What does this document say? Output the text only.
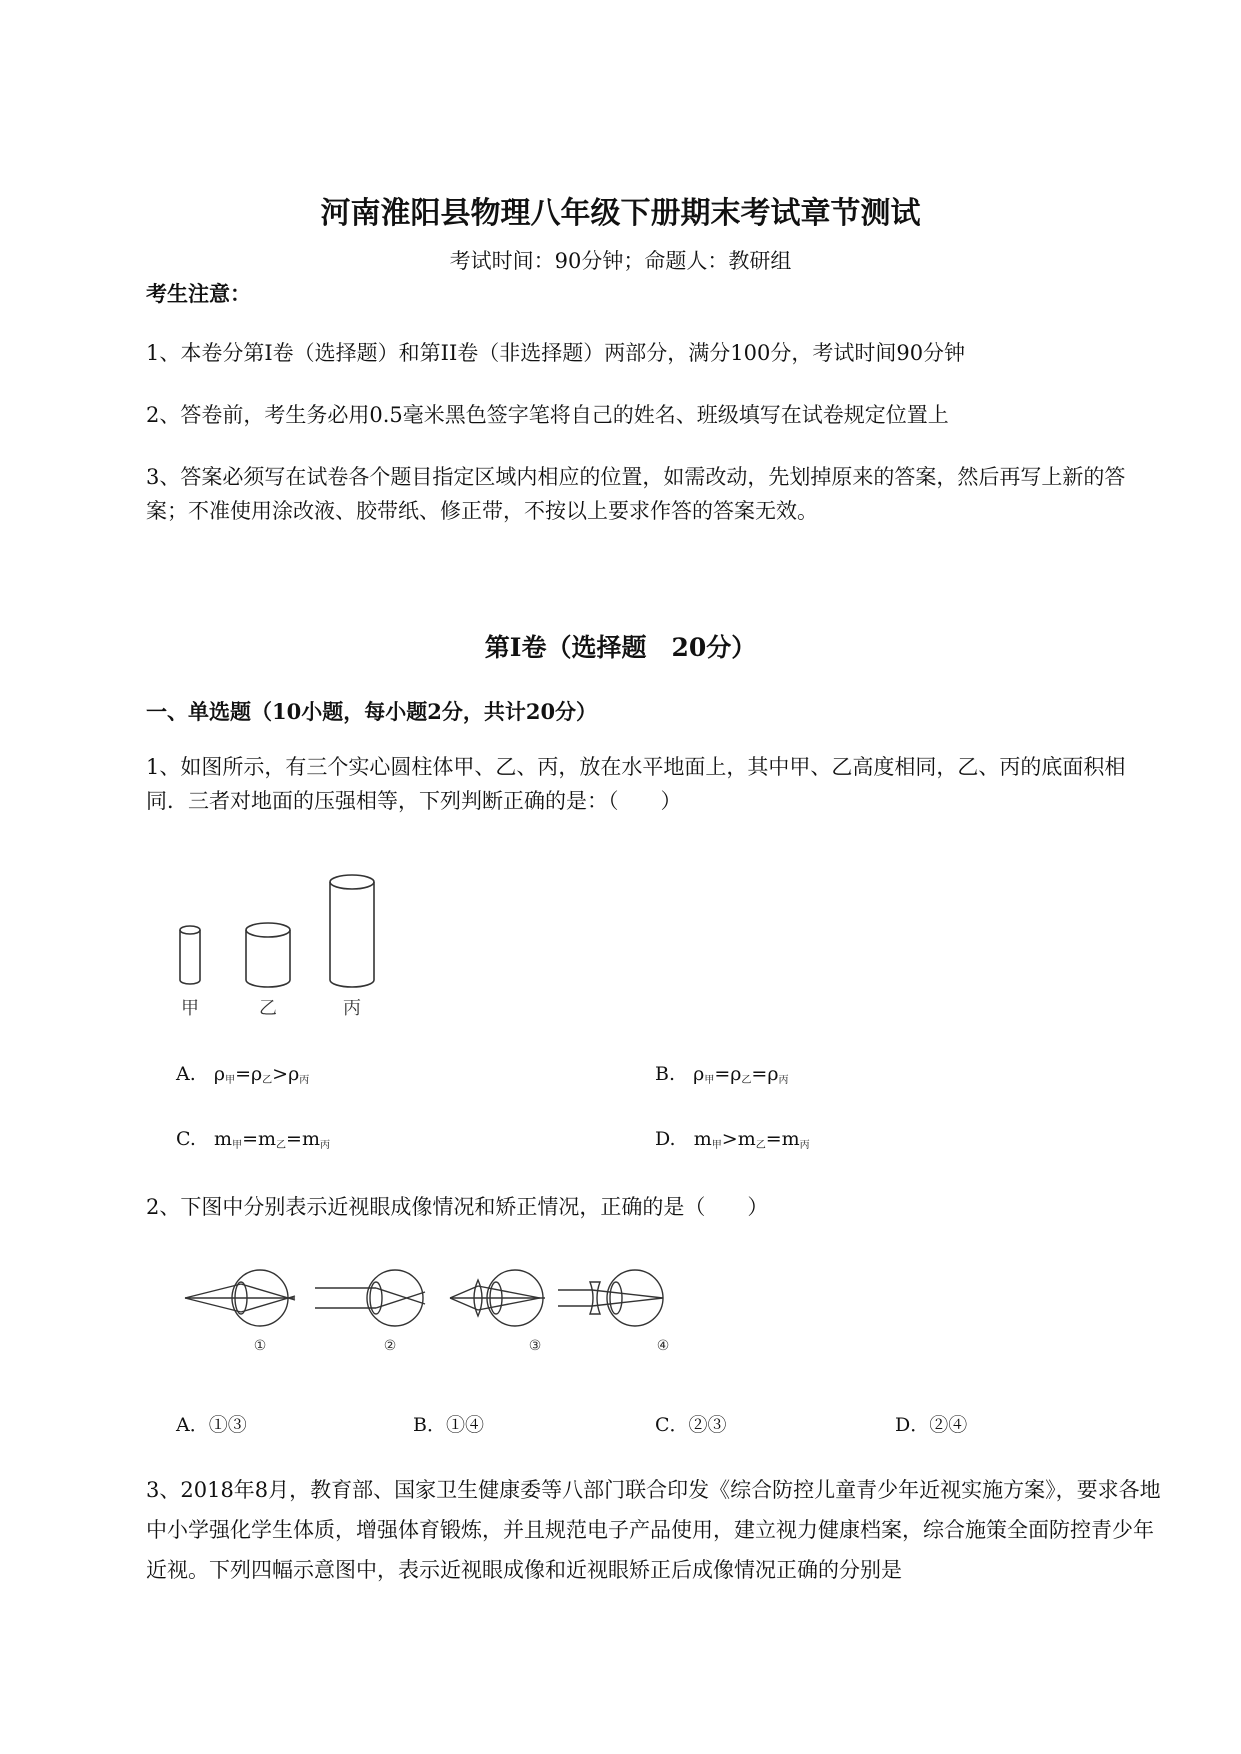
河南淮阳县物理八年级下册期末考试章节测试
考试时间：90分钟；命题人：教研组
考生注意：
1、本卷分第I卷（选择题）和第II卷（非选择题）两部分，满分100分，考试时间90分钟
2、答卷前，考生务必用0.5毫米黑色签字笔将自己的姓名、班级填写在试卷规定位置上
3、答案必须写在试卷各个题目指定区域内相应的位置，如需改动，先划掉原来的答案，然后再写上新的答案；不准使用涂改液、胶带纸、修正带，不按以上要求作答的答案无效。
第I卷（选择题　20分）
一、单选题（10小题，每小题2分，共计20分）
1、如图所示，有三个实心圆柱体甲、乙、丙，放在水平地面上，其中甲、乙高度相同，乙、丙的底面积相同．三者对地面的压强相等，下列判断正确的是：（　　）
甲	乙	丙
A. $\rho_甲=\rho_乙>\rho_丙$	B. $\rho_甲=\rho_乙=\rho_丙$
C. $m_甲=m_乙=m_丙$	D. $m_甲>m_乙=m_丙$
2、下图中分别表示近视眼成像情况和矫正情况，正确的是（　　）
①	②	③	④
A．①③	B．①④	C．②③	D．②④
3、2018年8月，教育部、国家卫生健康委等八部门联合印发《综合防控儿童青少年近视实施方案》，要求各地中小学强化学生体质，增强体育锻炼，并且规范电子产品使用，建立视力健康档案，综合施策全面防控青少年近视。下列四幅示意图中，表示近视眼成像和近视眼矫正后成像情况正确的分别是
